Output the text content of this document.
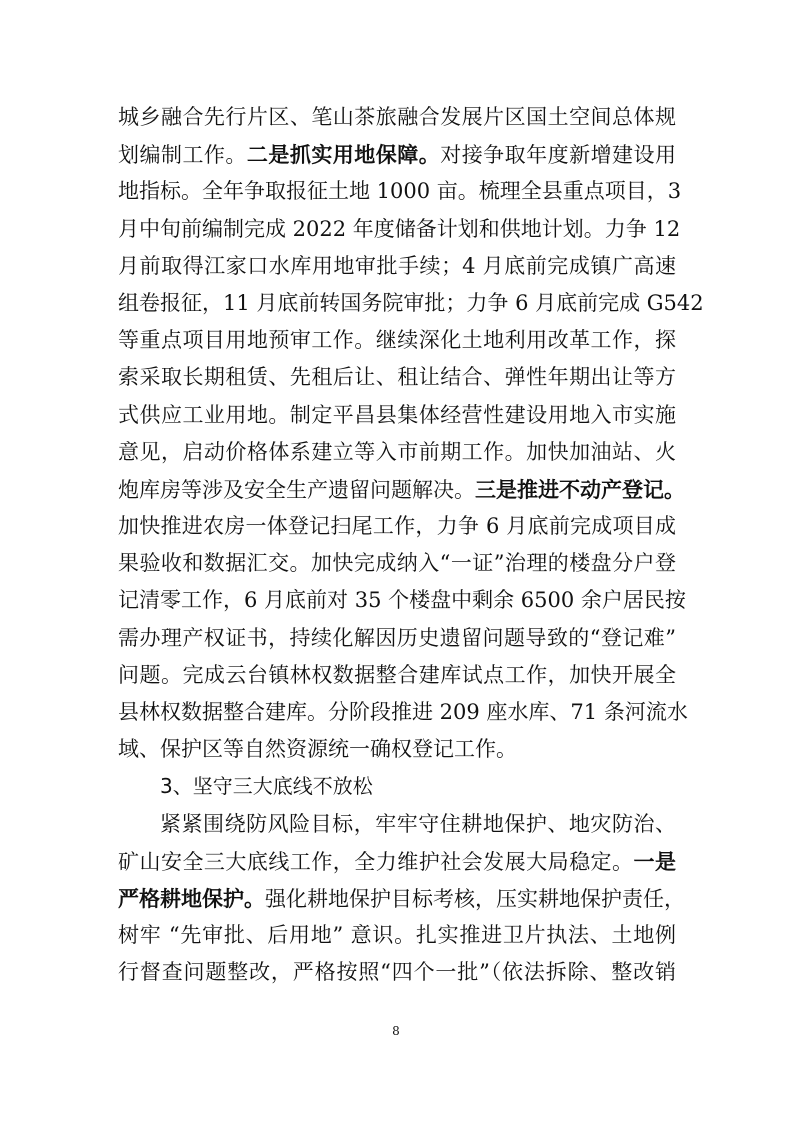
城乡融合先行片区、笔山茶旅融合发展片区国土空间总体规
划编制工作。二是抓实用地保障。对接争取年度新增建设用
地指标。全年争取报征土地 1000 亩。梳理全县重点项目，3
月中旬前编制完成 2022 年度储备计划和供地计划。力争 12
月前取得江家口水库用地审批手续；4 月底前完成镇广高速
组卷报征，11 月底前转国务院审批；力争 6 月底前完成 G542
等重点项目用地预审工作。继续深化土地利用改革工作，探
索采取长期租赁、先租后让、租让结合、弹性年期出让等方
式供应工业用地。制定平昌县集体经营性建设用地入市实施
意见，启动价格体系建立等入市前期工作。加快加油站、火
炮库房等涉及安全生产遗留问题解决。三是推进不动产登记。
加快推进农房一体登记扫尾工作，力争 6 月底前完成项目成
果验收和数据汇交。加快完成纳入“一证”治理的楼盘分户登
记清零工作，6 月底前对 35 个楼盘中剩余 6500 余户居民按
需办理产权证书，持续化解因历史遗留问题导致的“登记难”
问题。完成云台镇林权数据整合建库试点工作，加快开展全
县林权数据整合建库。分阶段推进 209 座水库、71 条河流水
域、保护区等自然资源统一确权登记工作。
3、坚守三大底线不放松
紧紧围绕防风险目标，牢牢守住耕地保护、地灾防治、
矿山安全三大底线工作，全力维护社会发展大局稳定。一是
严格耕地保护。强化耕地保护目标考核，压实耕地保护责任，
树牢 “先审批、后用地” 意识。扎实推进卫片执法、土地例
行督查问题整改，严格按照“四个一批”（依法拆除、整改销
8
